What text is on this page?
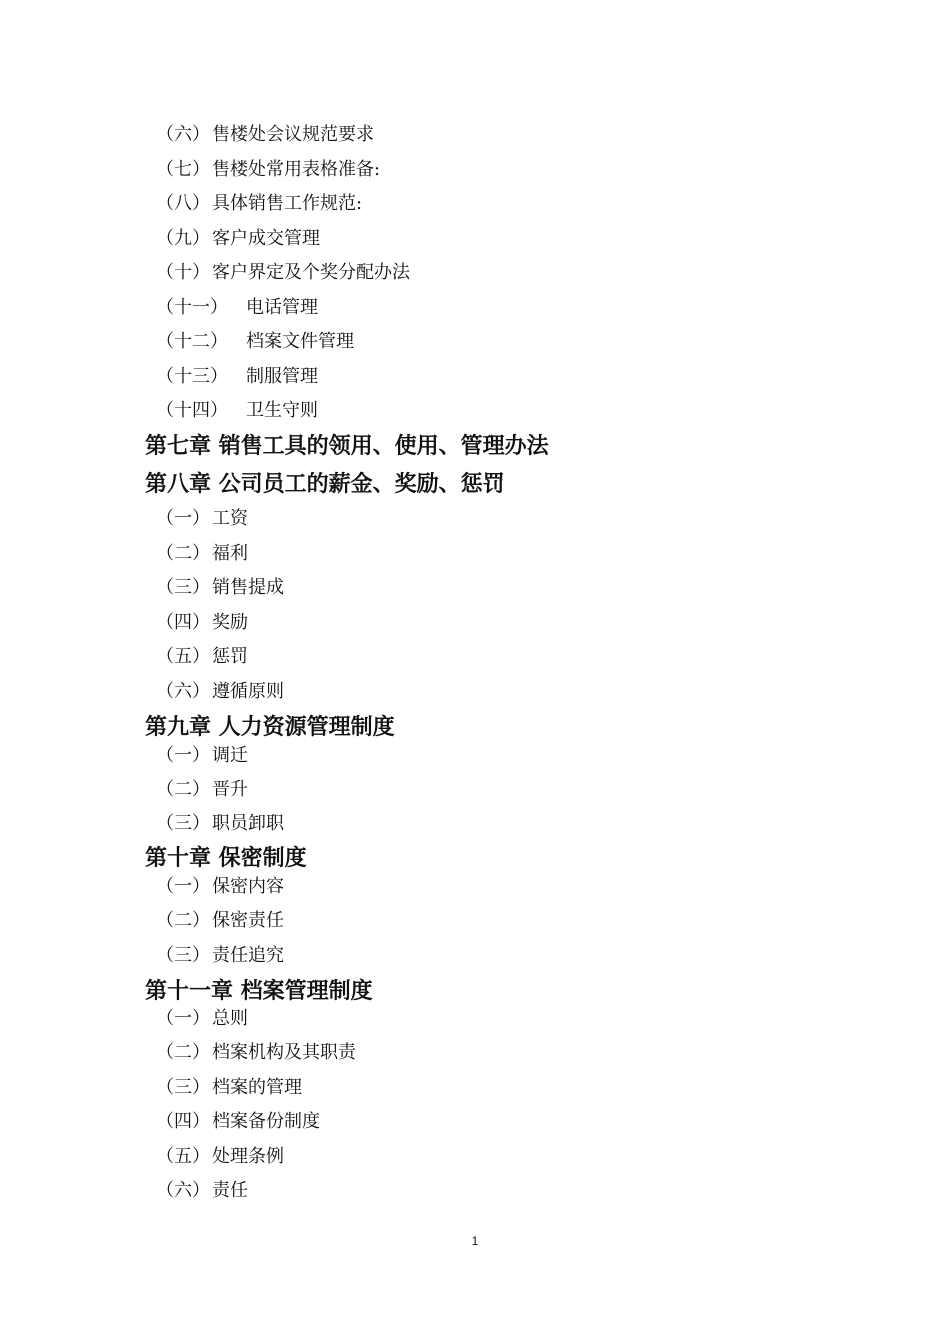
（六） 售楼处会议规范要求
（七） 售楼处常用表格准备:
（八） 具体销售工作规范:
（九） 客户成交管理
（十） 客户界定及个奖分配办法
（十一） 电话管理
（十二） 档案文件管理
（十三） 制服管理
（十四） 卫生守则
第七章 销售工具的领用、使用、管理办法
第八章 公司员工的薪金、奖励、惩罚
（一） 工资
（二） 福利
（三） 销售提成
（四） 奖励
（五） 惩罚
（六） 遵循原则
第九章 人力资源管理制度
（一） 调迁
（二） 晋升
（三） 职员卸职
第十章 保密制度
（一） 保密内容
（二） 保密责任
（三） 责任追究
第十一章 档案管理制度
（一） 总则
（二） 档案机构及其职责
（三） 档案的管理
（四） 档案备份制度
（五） 处理条例
（六） 责任
1
